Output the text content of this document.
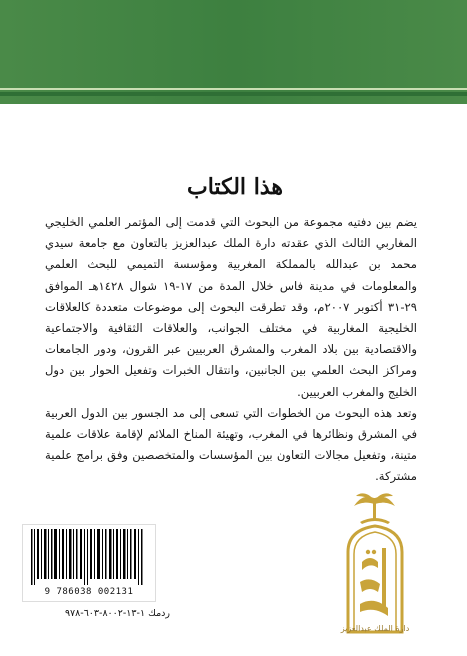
هذا الكتاب

يضم بين دفتيه مجموعة من البحوث التي قدمت إلى المؤتمر العلمي الخليجي المغاربي الثالث الذي عقدته دارة الملك عبدالعزيز بالتعاون مع جامعة سيدي محمد بن عبدالله بالمملكة المغربية ومؤسسة التميمي للبحث العلمي والمعلومات في مدينة فاس خلال المدة من ١٧-١٩ شوال ١٤٢٨هـ الموافق ٢٩-٣١ أكتوبر ٢٠٠٧م، وقد تطرقت البحوث إلى موضوعات متعددة كالعلاقات الخليجية المغاربية في مختلف الجوانب، والعلاقات الثقافية والاجتماعية والاقتصادية بين بلاد المغرب والمشرق العربيين عبر القرون، ودور الجامعات ومراكز البحث العلمي بين الجانبين، وانتقال الخبرات وتفعيل الحوار بين دول الخليج والمغرب العربيين.

وتعد هذه البحوث من الخطوات التي تسعى إلى مد الجسور بين الدول العربية في المشرق ونظائرها في المغرب، وتهيئة المناخ الملائم لإقامة علاقات علمية متينة، وتفعيل مجالات التعاون بين المؤسسات والمتخصصين وفق برامج علمية مشتركة.

9 786038 002131
ردمك ١-١٣-٨٠٠٢-٦٠٣-٩٧٨
دارة الملك عبدالعزيز
